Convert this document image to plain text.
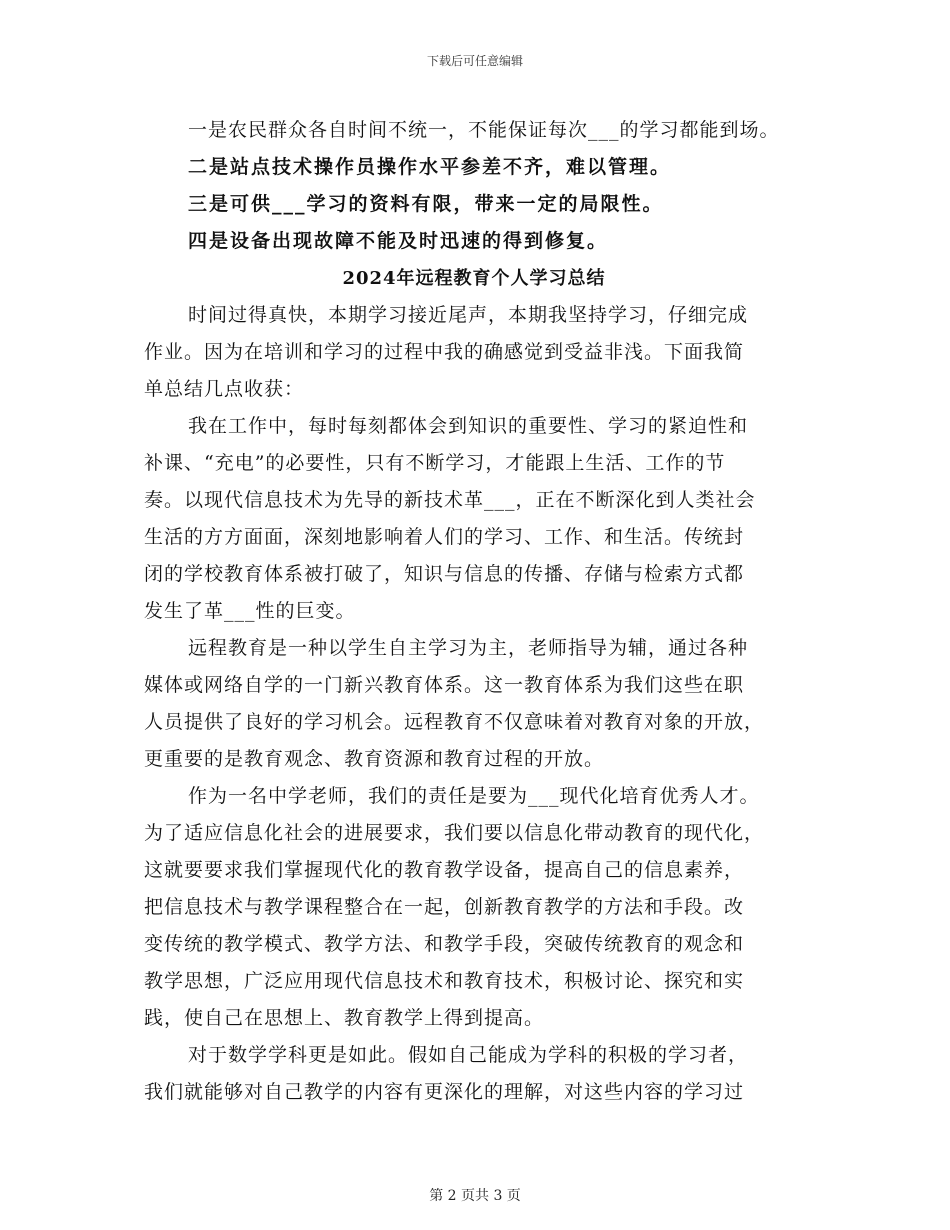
下载后可任意编辑
一是农民群众各自时间不统一，不能保证每次___的学习都能到场。
二是站点技术操作员操作水平参差不齐，难以管理。
三是可供___学习的资料有限，带来一定的局限性。
四是设备出现故障不能及时迅速的得到修复。
2024年远程教育个人学习总结
时间过得真快，本期学习接近尾声，本期我坚持学习，仔细完成
作业。因为在培训和学习的过程中我的确感觉到受益非浅。下面我简
单总结几点收获：
我在工作中，每时每刻都体会到知识的重要性、学习的紧迫性和
补课、“充电”的必要性，只有不断学习，才能跟上生活、工作的节
奏。以现代信息技术为先导的新技术革___，正在不断深化到人类社会
生活的方方面面，深刻地影响着人们的学习、工作、和生活。传统封
闭的学校教育体系被打破了，知识与信息的传播、存储与检索方式都
发生了革___性的巨变。
远程教育是一种以学生自主学习为主，老师指导为辅，通过各种
媒体或网络自学的一门新兴教育体系。这一教育体系为我们这些在职
人员提供了良好的学习机会。远程教育不仅意味着对教育对象的开放，
更重要的是教育观念、教育资源和教育过程的开放。
作为一名中学老师，我们的责任是要为___现代化培育优秀人才。
为了适应信息化社会的进展要求，我们要以信息化带动教育的现代化，
这就要要求我们掌握现代化的教育教学设备，提高自己的信息素养，
把信息技术与教学课程整合在一起，创新教育教学的方法和手段。改
变传统的教学模式、教学方法、和教学手段，突破传统教育的观念和
教学思想，广泛应用现代信息技术和教育技术，积极讨论、探究和实
践，使自己在思想上、教育教学上得到提高。
对于数学学科更是如此。假如自己能成为学科的积极的学习者，
我们就能够对自己教学的内容有更深化的理解，对这些内容的学习过
第 2 页共 3 页
